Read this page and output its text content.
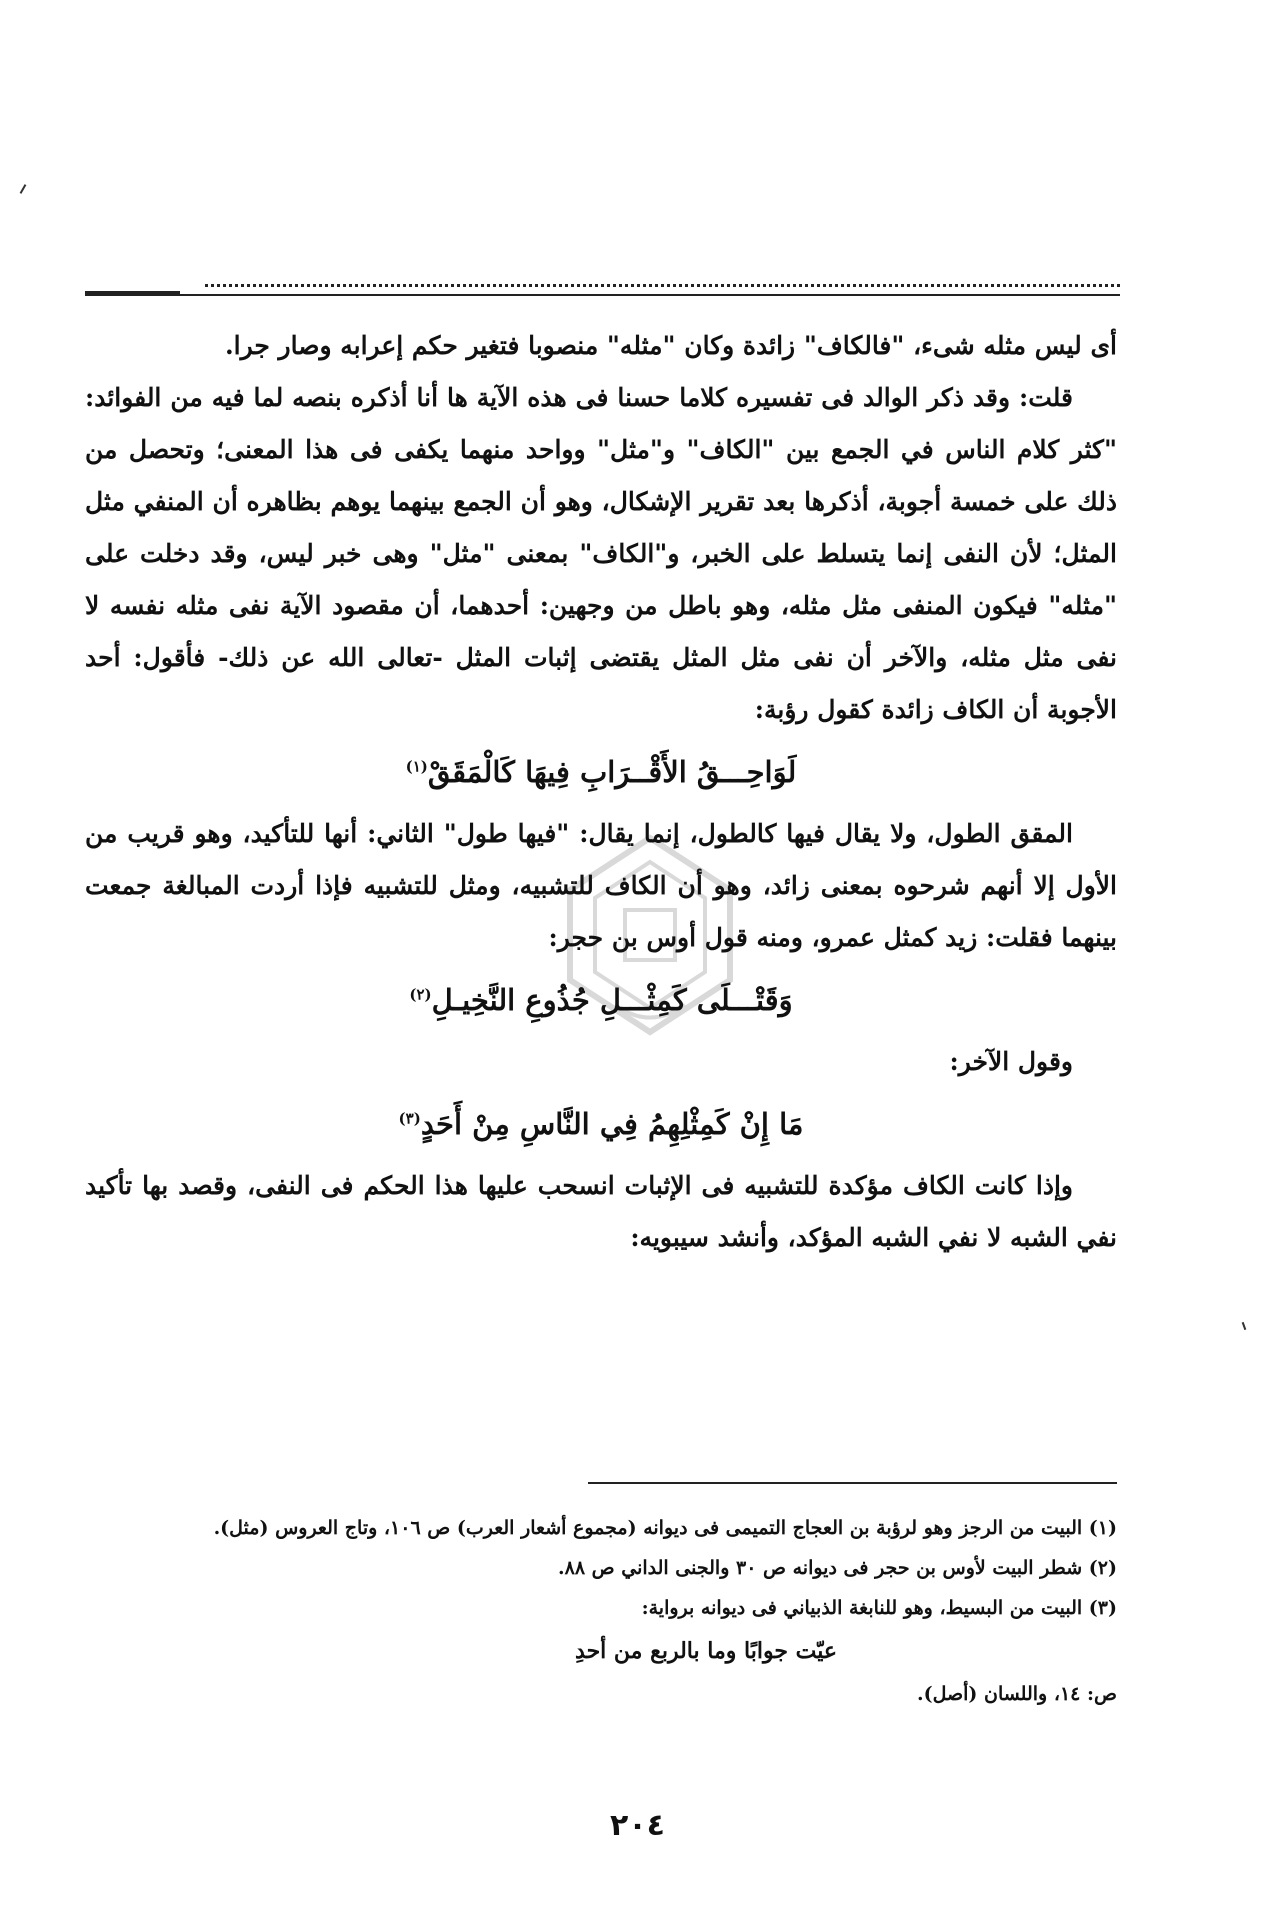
أى ليس مثله شىء، "فالكاف" زائدة وكان "مثله" منصوبا فتغير حكم إعرابه وصار جرا.

قلت: وقد ذكر الوالد فى تفسيره كلاما حسنا فى هذه الآية ها أنا أذكره بنصه لما فيه من الفوائد: "كثر كلام الناس في الجمع بين "الكاف" و"مثل" وواحد منهما يكفى فى هذا المعنى؛ وتحصل من ذلك على خمسة أجوبة، أذكرها بعد تقرير الإشكال، وهو أن الجمع بينهما يوهم بظاهره أن المنفي مثل المثل؛ لأن النفى إنما يتسلط على الخبر، و"الكاف" بمعنى "مثل" وهى خبر ليس، وقد دخلت على "مثله" فيكون المنفى مثل مثله، وهو باطل من وجهين: أحدهما، أن مقصود الآية نفى مثله نفسه لا نفى مثل مثله، والآخر أن نفى مثل المثل يقتضى إثبات المثل -تعالى الله عن ذلك- فأقول: أحد الأجوبة أن الكاف زائدة كقول رؤبة:

لَوَاحِـــقُ الأَقْــرَابِ فِيهَا كَالْمَقَقْ$^{(١)}$

المقق الطول، ولا يقال فيها كالطول، إنما يقال: "فيها طول" الثاني: أنها للتأكيد، وهو قريب من الأول إلا أنهم شرحوه بمعنى زائد، وهو أن الكاف للتشبيه، ومثل للتشبيه فإذا أردت المبالغة جمعت بينهما فقلت: زيد كمثل عمرو، ومنه قول أوس بن حجر:

وَقَتْـــلَى كَمِثْـــلِ جُذُوعِ النَّخِيـلِ$^{(٢)}$

وقول الآخر:

مَا إِنْ كَمِثْلِهِمُ فِي النَّاسِ مِنْ أَحَدٍ$^{(٣)}$

وإذا كانت الكاف مؤكدة للتشبيه فى الإثبات انسحب عليها هذا الحكم فى النفى، وقصد بها تأكيد نفي الشبه لا نفي الشبه المؤكد، وأنشد سيبويه:

(١) البيت من الرجز وهو لرؤبة بن العجاج التميمى فى ديوانه (مجموع أشعار العرب) ص ١٠٦، وتاج العروس (مثل).

(٢) شطر البيت لأوس بن حجر فى ديوانه ص ٣٠ والجنى الداني ص ٨٨.

(٣) البيت من البسيط، وهو للنابغة الذبياني فى ديوانه برواية:

عيّت جوابًا وما بالربع من أحدِ

ص: ١٤، واللسان (أصل).

٢٠٤
